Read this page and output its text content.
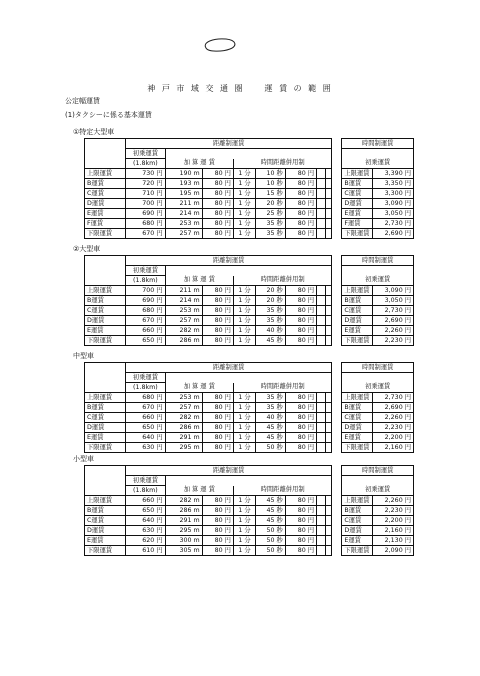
神 戸 市 域 交 通 圏　　運 賃 の 範 囲
公定幅運賃
(1)タクシーに係る基本運賃
①特定大型車
	距離制運賃									時間制運賃	
	初乗運賃										
	(1.8km)	加 算 運 賃		時間距離併用制						初乗運賃	
上限運賃	730 円	190 m	80 円	1 分	10 秒	80 円				上限運賃	3,390 円
B運賃	720 円	193 m	80 円	1 分	10 秒	80 円				B運賃	3,350 円
C運賃	710 円	195 m	80 円	1 分	15 秒	80 円				C運賃	3,300 円
D運賃	700 円	211 m	80 円	1 分	20 秒	80 円				D運賃	3,090 円
E運賃	690 円	214 m	80 円	1 分	25 秒	80 円				E運賃	3,050 円
F運賃	680 円	253 m	80 円	1 分	35 秒	80 円				F運賃	2,730 円
下限運賃	670 円	257 m	80 円	1 分	35 秒	80 円				下限運賃	2,690 円
②大型車
	距離制運賃									時間制運賃	
	初乗運賃										
	(1.8km)	加 算 運 賃		時間距離併用制						初乗運賃	
上限運賃	700 円	211 m	80 円	1 分	20 秒	80 円				上限運賃	3,090 円
B運賃	690 円	214 m	80 円	1 分	20 秒	80 円				B運賃	3,050 円
C運賃	680 円	253 m	80 円	1 分	35 秒	80 円				C運賃	2,730 円
D運賃	670 円	257 m	80 円	1 分	35 秒	80 円				D運賃	2,690 円
E運賃	660 円	282 m	80 円	1 分	40 秒	80 円				E運賃	2,260 円
下限運賃	650 円	286 m	80 円	1 分	45 秒	80 円				下限運賃	2,230 円
中型車
	距離制運賃									時間制運賃	
	初乗運賃										
	(1.8km)	加 算 運 賃		時間距離併用制						初乗運賃	
上限運賃	680 円	253 m	80 円	1 分	35 秒	80 円				上限運賃	2,730 円
B運賃	670 円	257 m	80 円	1 分	35 秒	80 円				B運賃	2,690 円
C運賃	660 円	282 m	80 円	1 分	40 秒	80 円				C運賃	2,260 円
D運賃	650 円	286 m	80 円	1 分	45 秒	80 円				D運賃	2,230 円
E運賃	640 円	291 m	80 円	1 分	45 秒	80 円				E運賃	2,200 円
下限運賃	630 円	295 m	80 円	1 分	50 秒	80 円				下限運賃	2,160 円
小型車
	距離制運賃									時間制運賃	
	初乗運賃										
	(1.8km)	加 算 運 賃		時間距離併用制						初乗運賃	
上限運賃	660 円	282 m	80 円	1 分	45 秒	80 円				上限運賃	2,260 円
B運賃	650 円	286 m	80 円	1 分	45 秒	80 円				B運賃	2,230 円
C運賃	640 円	291 m	80 円	1 分	45 秒	80 円				C運賃	2,200 円
D運賃	630 円	295 m	80 円	1 分	50 秒	80 円				D運賃	2,160 円
E運賃	620 円	300 m	80 円	1 分	50 秒	80 円				E運賃	2,130 円
下限運賃	610 円	305 m	80 円	1 分	50 秒	80 円				下限運賃	2,090 円
